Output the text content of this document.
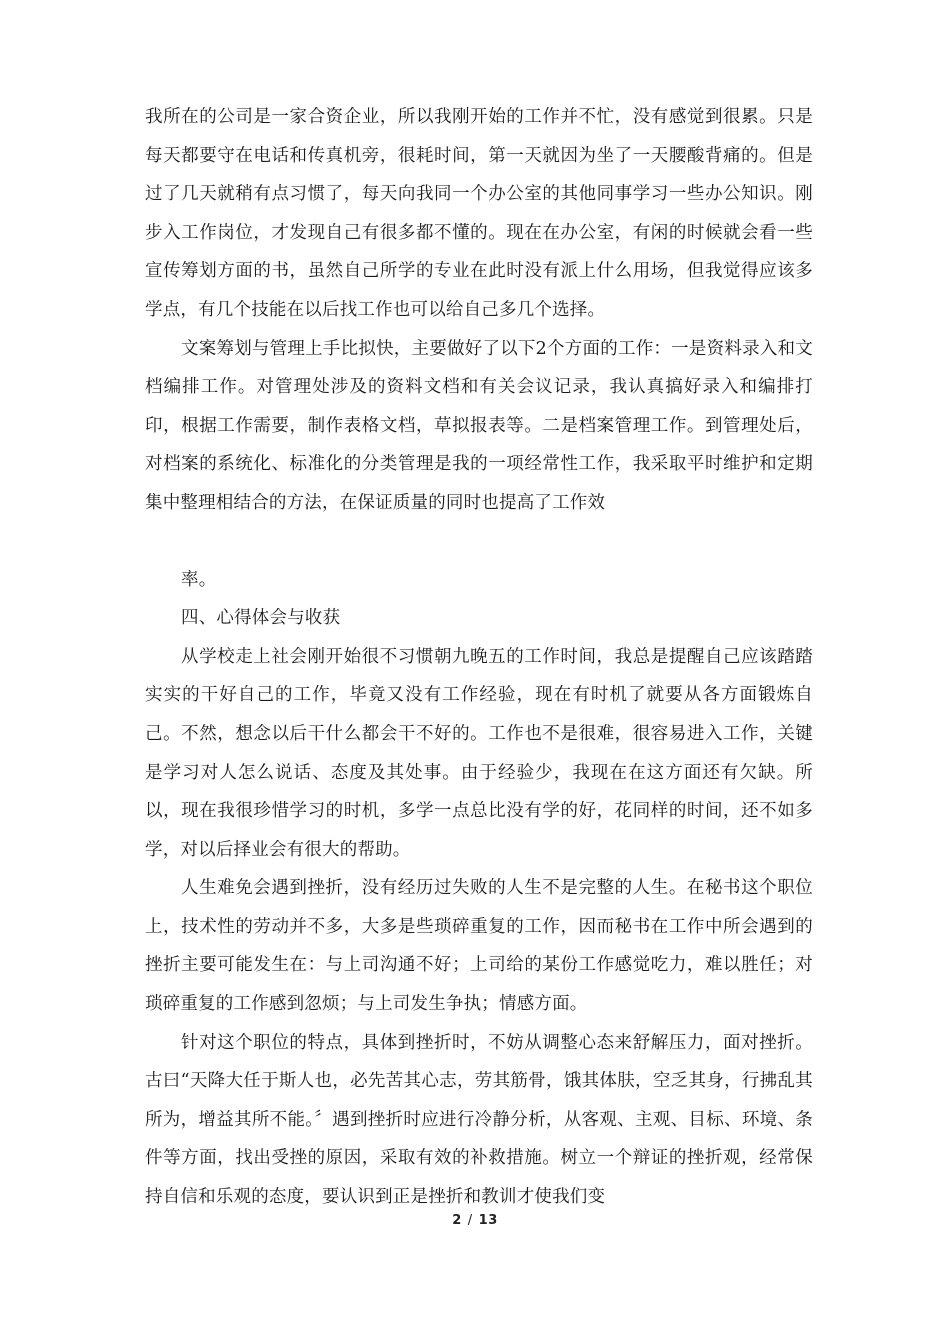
我所在的公司是一家合资企业，所以我刚开始的工作并不忙，没有感觉到很累。只是每天都要守在电话和传真机旁，很耗时间，第一天就因为坐了一天腰酸背痛的。但是过了几天就稍有点习惯了，每天向我同一个办公室的其他同事学习一些办公知识。刚步入工作岗位，才发现自己有很多都不懂的。现在在办公室，有闲的时候就会看一些宣传筹划方面的书，虽然自己所学的专业在此时没有派上什么用场，但我觉得应该多学点，有几个技能在以后找工作也可以给自己多几个选择。

文案筹划与管理上手比拟快，主要做好了以下2个方面的工作：一是资料录入和文档编排工作。对管理处涉及的资料文档和有关会议记录，我认真搞好录入和编排打印，根据工作需要，制作表格文档，草拟报表等。二是档案管理工作。到管理处后，对档案的系统化、标准化的分类管理是我的一项经常性工作，我采取平时维护和定期集中整理相结合的方法，在保证质量的同时也提高了工作效

率。

四、心得体会与收获

从学校走上社会刚开始很不习惯朝九晚五的工作时间，我总是提醒自己应该踏踏实实的干好自己的工作，毕竟又没有工作经验，现在有时机了就要从各方面锻炼自己。不然，想念以后干什么都会干不好的。工作也不是很难，很容易进入工作，关键是学习对人怎么说话、态度及其处事。由于经验少，我现在在这方面还有欠缺。所以，现在我很珍惜学习的时机，多学一点总比没有学的好，花同样的时间，还不如多学，对以后择业会有很大的帮助。

人生难免会遇到挫折，没有经历过失败的人生不是完整的人生。在秘书这个职位上，技术性的劳动并不多，大多是些琐碎重复的工作，因而秘书在工作中所会遇到的挫折主要可能发生在：与上司沟通不好；上司给的某份工作感觉吃力，难以胜任；对琐碎重复的工作感到忽烦；与上司发生争执；情感方面。

针对这个职位的特点，具体到挫折时，不妨从调整心态来舒解压力，面对挫折。古曰“天降大任于斯人也，必先苦其心志，劳其筋骨，饿其体肤，空乏其身，行拂乱其所为，增益其所不能。〞遇到挫折时应进行冷静分析，从客观、主观、目标、环境、条件等方面，找出受挫的原因，采取有效的补救措施。树立一个辩证的挫折观，经常保持自信和乐观的态度，要认识到正是挫折和教训才使我们变

2 / 13
